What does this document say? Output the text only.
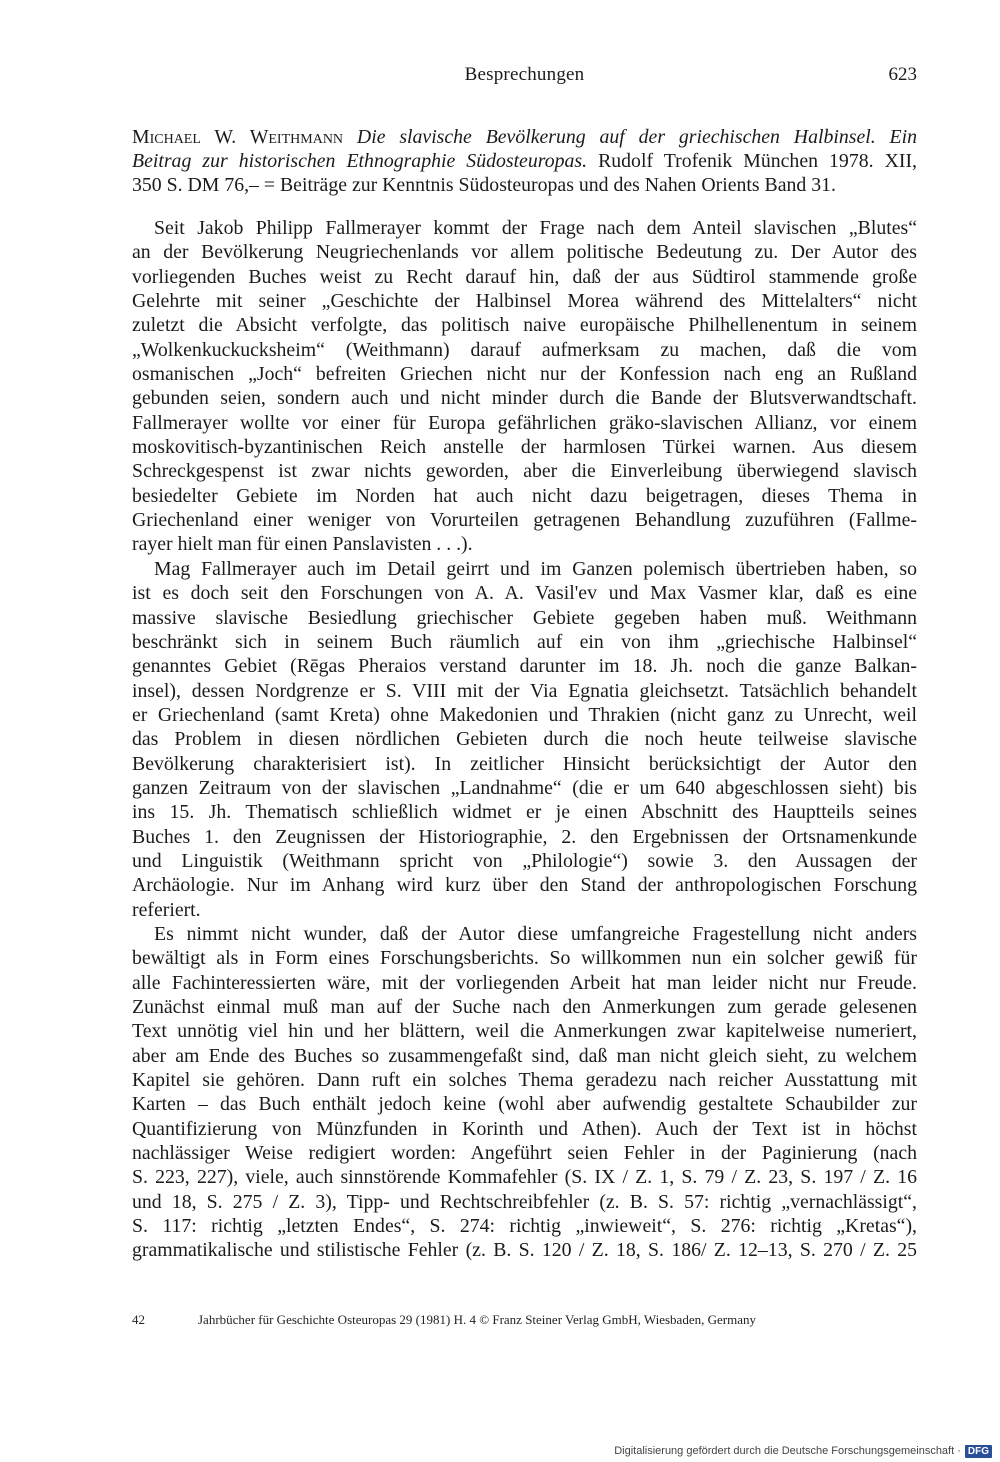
Besprechungen	623
Michael W. Weithmann Die slavische Bevölkerung auf der griechischen Halbinsel. Ein
Beitrag zur historischen Ethnographie Südosteuropas. Rudolf Trofenik München 1978. XII,
350 S. DM 76,– = Beiträge zur Kenntnis Südosteuropas und des Nahen Orients Band 31.
Seit Jakob Philipp Fallmerayer kommt der Frage nach dem Anteil slavischen „Blutes“
an der Bevölkerung Neugriechenlands vor allem politische Bedeutung zu. Der Autor des
vorliegenden Buches weist zu Recht darauf hin, daß der aus Südtirol stammende große
Gelehrte mit seiner „Geschichte der Halbinsel Morea während des Mittelalters“ nicht
zuletzt die Absicht verfolgte, das politisch naive europäische Philhellenentum in seinem
„Wolkenkuckucksheim“ (Weithmann) darauf aufmerksam zu machen, daß die vom
osmanischen „Joch“ befreiten Griechen nicht nur der Konfession nach eng an Rußland
gebunden seien, sondern auch und nicht minder durch die Bande der Blutsverwandtschaft.
Fallmerayer wollte vor einer für Europa gefährlichen gräko-slavischen Allianz, vor einem
moskovitisch-byzantinischen Reich anstelle der harmlosen Türkei warnen. Aus diesem
Schreckgespenst ist zwar nichts geworden, aber die Einverleibung überwiegend slavisch
besiedelter Gebiete im Norden hat auch nicht dazu beigetragen, dieses Thema in
Griechenland einer weniger von Vorurteilen getragenen Behandlung zuzuführen (Fallme-
rayer hielt man für einen Panslavisten . . .).
Mag Fallmerayer auch im Detail geirrt und im Ganzen polemisch übertrieben haben, so
ist es doch seit den Forschungen von A. A. Vasil'ev und Max Vasmer klar, daß es eine
massive slavische Besiedlung griechischer Gebiete gegeben haben muß. Weithmann
beschränkt sich in seinem Buch räumlich auf ein von ihm „griechische Halbinsel“
genanntes Gebiet (Rēgas Pheraios verstand darunter im 18. Jh. noch die ganze Balkan-
insel), dessen Nordgrenze er S. VIII mit der Via Egnatia gleichsetzt. Tatsächlich behandelt
er Griechenland (samt Kreta) ohne Makedonien und Thrakien (nicht ganz zu Unrecht, weil
das Problem in diesen nördlichen Gebieten durch die noch heute teilweise slavische
Bevölkerung charakterisiert ist). In zeitlicher Hinsicht berücksichtigt der Autor den
ganzen Zeitraum von der slavischen „Landnahme“ (die er um 640 abgeschlossen sieht) bis
ins 15. Jh. Thematisch schließlich widmet er je einen Abschnitt des Hauptteils seines
Buches 1. den Zeugnissen der Historiographie, 2. den Ergebnissen der Ortsnamenkunde
und Linguistik (Weithmann spricht von „Philologie“) sowie 3. den Aussagen der
Archäologie. Nur im Anhang wird kurz über den Stand der anthropologischen Forschung
referiert.
Es nimmt nicht wunder, daß der Autor diese umfangreiche Fragestellung nicht anders
bewältigt als in Form eines Forschungsberichts. So willkommen nun ein solcher gewiß für
alle Fachinteressierten wäre, mit der vorliegenden Arbeit hat man leider nicht nur Freude.
Zunächst einmal muß man auf der Suche nach den Anmerkungen zum gerade gelesenen
Text unnötig viel hin und her blättern, weil die Anmerkungen zwar kapitelweise numeriert,
aber am Ende des Buches so zusammengefaßt sind, daß man nicht gleich sieht, zu welchem
Kapitel sie gehören. Dann ruft ein solches Thema geradezu nach reicher Ausstattung mit
Karten – das Buch enthält jedoch keine (wohl aber aufwendig gestaltete Schaubilder zur
Quantifizierung von Münzfunden in Korinth und Athen). Auch der Text ist in höchst
nachlässiger Weise redigiert worden: Angeführt seien Fehler in der Paginierung (nach
S. 223, 227), viele, auch sinnstörende Kommafehler (S. IX / Z. 1, S. 79 / Z. 23, S. 197 / Z. 16
und 18, S. 275 / Z. 3), Tipp- und Rechtschreibfehler (z. B. S. 57: richtig „vernachlässigt“,
S. 117: richtig „letzten Endes“, S. 274: richtig „inwieweit“, S. 276: richtig „Kretas“),
grammatikalische und stilistische Fehler (z. B. S. 120 / Z. 18, S. 186/ Z. 12–13, S. 270 / Z. 25
42	Jahrbücher für Geschichte Osteuropas 29 (1981) H. 4 © Franz Steiner Verlag GmbH, Wiesbaden, Germany
Digitalisierung gefördert durch die Deutsche Forschungsgemeinschaft · DFG
